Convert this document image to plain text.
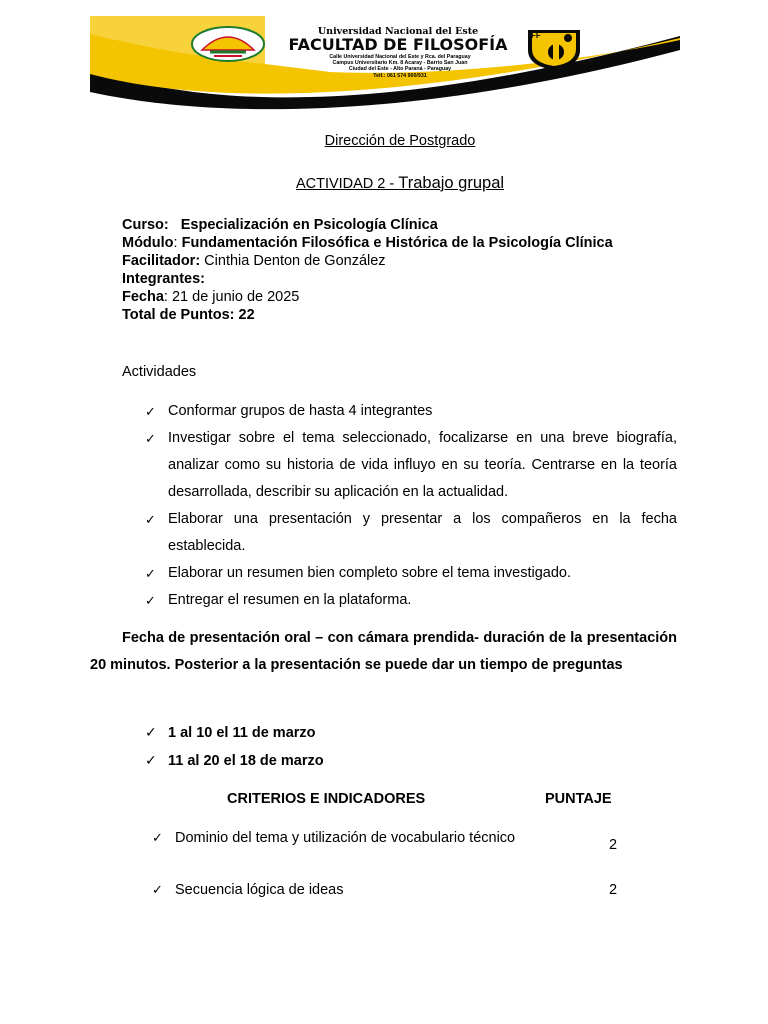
Universidad Nacional del Este
FACULTAD DE FILOSOFÍA
Calle Universidad Nacional del Este y Rca. del Paraguay
Campus Universitario Km. 8 Acaray - Barrio San Juan
Ciudad del Este - Alto Paraná - Paraguay
Telf.: 061 574 900/931
FF
Dirección de Postgrado
ACTIVIDAD 2 - Trabajo grupal
Curso: Especialización en Psicología Clínica
Módulo: Fundamentación Filosófica e Histórica de la Psicología Clínica
Facilitador: Cinthia Denton de González
Integrantes:
Fecha: 21 de junio de 2025
Total de Puntos: 22
Actividades
✓ Conformar grupos de hasta 4 integrantes
✓ Investigar sobre el tema seleccionado, focalizarse en una breve biografía, analizar como su historia de vida influyo en su teoría. Centrarse en la teoría desarrollada, describir su aplicación en la actualidad.
✓ Elaborar una presentación y presentar a los compañeros en la fecha establecida.
✓ Elaborar un resumen bien completo sobre el tema investigado.
✓ Entregar el resumen en la plataforma.
Fecha de presentación oral – con cámara prendida- duración de la presentación 20 minutos. Posterior a la presentación se puede dar un tiempo de preguntas
✓ 1 al 10 el 11 de marzo
✓ 11 al 20 el 18 de marzo
CRITERIOS E INDICADORES	PUNTAJE
✓ Dominio del tema y utilización de vocabulario técnico	2
✓ Secuencia lógica de ideas	2
